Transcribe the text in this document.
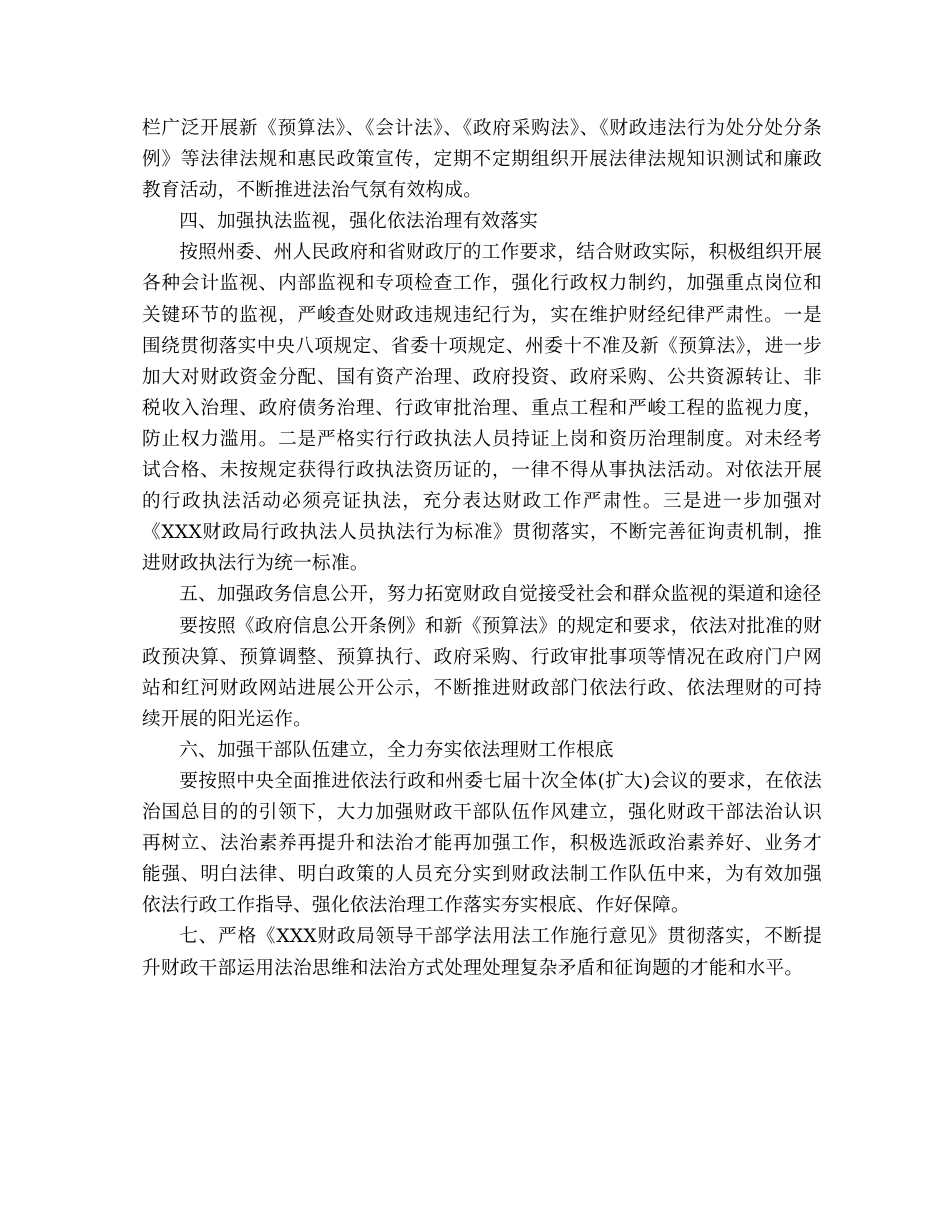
栏广泛开展新《预算法》、《会计法》、《政府采购法》、《财政违法行为处分处分条例》等法律法规和惠民政策宣传，定期不定期组织开展法律法规知识测试和廉政教育活动，不断推进法治气氛有效构成。

四、加强执法监视，强化依法治理有效落实

按照州委、州人民政府和省财政厅的工作要求，结合财政实际，积极组织开展各种会计监视、内部监视和专项检查工作，强化行政权力制约，加强重点岗位和关键环节的监视，严峻查处财政违规违纪行为，实在维护财经纪律严肃性。一是围绕贯彻落实中央八项规定、省委十项规定、州委十不准及新《预算法》，进一步加大对财政资金分配、国有资产治理、政府投资、政府采购、公共资源转让、非税收入治理、政府债务治理、行政审批治理、重点工程和严峻工程的监视力度，防止权力滥用。二是严格实行行政执法人员持证上岗和资历治理制度。对未经考试合格、未按规定获得行政执法资历证的，一律不得从事执法活动。对依法开展的行政执法活动必须亮证执法，充分表达财政工作严肃性。三是进一步加强对《XXX财政局行政执法人员执法行为标准》贯彻落实，不断完善征询责机制，推进财政执法行为统一标准。

五、加强政务信息公开，努力拓宽财政自觉接受社会和群众监视的渠道和途径

要按照《政府信息公开条例》和新《预算法》的规定和要求，依法对批准的财政预决算、预算调整、预算执行、政府采购、行政审批事项等情况在政府门户网站和红河财政网站进展公开公示，不断推进财政部门依法行政、依法理财的可持续开展的阳光运作。

六、加强干部队伍建立，全力夯实依法理财工作根底

要按照中央全面推进依法行政和州委七届十次全体(扩大)会议的要求，在依法治国总目的的引领下，大力加强财政干部队伍作风建立，强化财政干部法治认识再树立、法治素养再提升和法治才能再加强工作，积极选派政治素养好、业务才能强、明白法律、明白政策的人员充分实到财政法制工作队伍中来，为有效加强依法行政工作指导、强化依法治理工作落实夯实根底、作好保障。

七、严格《XXX财政局领导干部学法用法工作施行意见》贯彻落实，不断提升财政干部运用法治思维和法治方式处理处理复杂矛盾和征询题的才能和水平。
